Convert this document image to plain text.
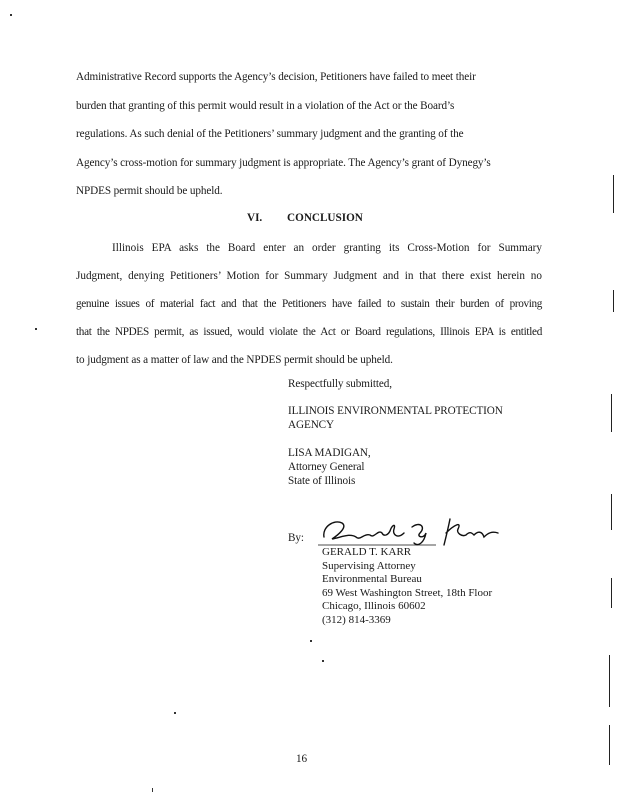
Administrative Record supports the Agency’s decision, Petitioners have failed to meet their
burden that granting of this permit would result in a violation of the Act or the Board’s
regulations. As such denial of the Petitioners’ summary judgment and the granting of the
Agency’s cross-motion for summary judgment is appropriate. The Agency’s grant of Dynegy’s
NPDES permit should be upheld.
VI. CONCLUSION
Illinois EPA asks the Board enter an order granting its Cross-Motion for Summary
Judgment, denying Petitioners’ Motion for Summary Judgment and in that there exist herein no
genuine issues of material fact and that the Petitioners have failed to sustain their burden of proving
that the NPDES permit, as issued, would violate the Act or Board regulations, Illinois EPA is entitled
to judgment as a matter of law and the NPDES permit should be upheld.
Respectfully submitted,
ILLINOIS ENVIRONMENTAL PROTECTION
AGENCY
LISA MADIGAN,
Attorney General
State of Illinois
By:
GERALD T. KARR
Supervising Attorney
Environmental Bureau
69 West Washington Street, 18th Floor
Chicago, Illinois 60602
(312) 814-3369
16
